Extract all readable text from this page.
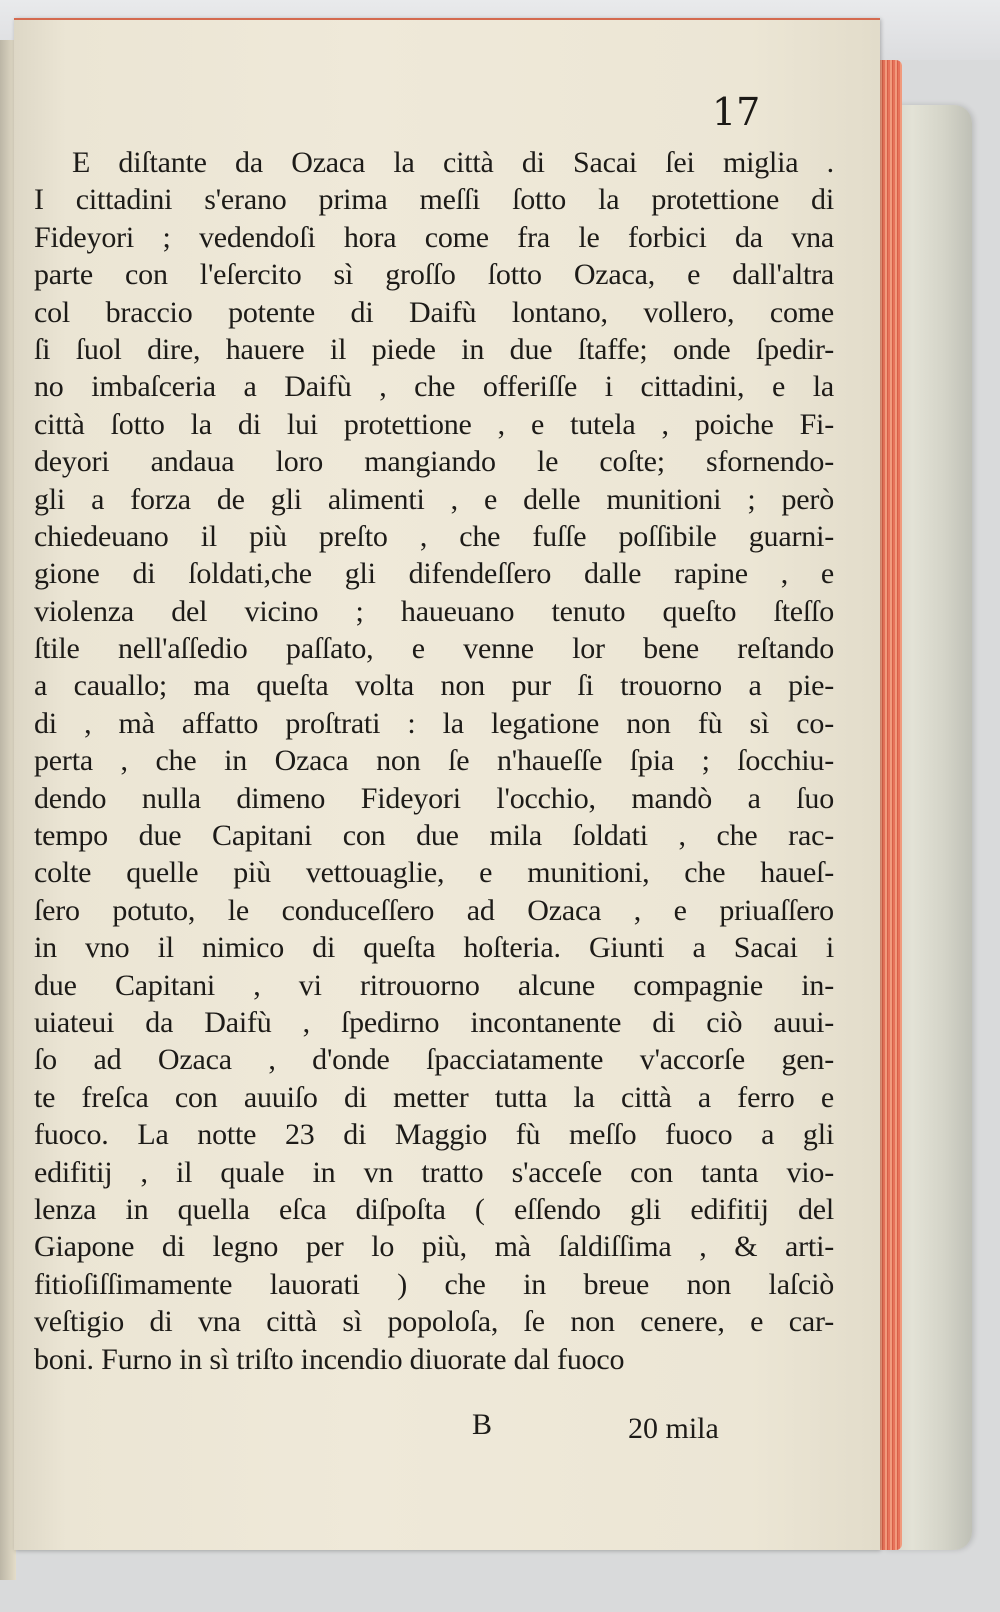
17
E diſtante da Ozaca la città di Sacai ſei miglia .
I cittadini s'erano prima meſſi ſotto la protettione di
Fideyori ; vedendoſi hora come fra le forbici da vna
parte con l'eſercito sì groſſo ſotto Ozaca, e dall'altra
col braccio potente di Daifù lontano, vollero, come
ſi ſuol dire, hauere il piede in due ſtaffe; onde ſpedir-
no imbaſceria a Daifù , che offeriſſe i cittadini, e la
città ſotto la di lui protettione , e tutela , poiche Fi-
deyori andaua loro mangiando le coſte; sfornendo-
gli a forza de gli alimenti , e delle munitioni ; però
chiedeuano il più preſto , che fuſſe poſſibile guarni-
gione di ſoldati,che gli difendeſſero dalle rapine , e
violenza del vicino ; haueuano tenuto queſto ſteſſo
ſtile nell'aſſedio paſſato, e venne lor bene reſtando
a cauallo; ma queſta volta non pur ſi trouorno a pie-
di , mà affatto proſtrati : la legatione non fù sì co-
perta , che in Ozaca non ſe n'haueſſe ſpia ; ſocchiu-
dendo nulla dimeno Fideyori l'occhio, mandò a ſuo
tempo due Capitani con due mila ſoldati , che rac-
colte quelle più vettouaglie, e munitioni, che haueſ-
ſero potuto, le conduceſſero ad Ozaca , e priuaſſero
in vno il nimico di queſta hoſteria. Giunti a Sacai i
due Capitani , vi ritrouorno alcune compagnie in-
uiateui da Daifù , ſpedirno incontanente di ciò auui-
ſo ad Ozaca , d'onde ſpacciatamente v'accorſe gen-
te freſca con auuiſo di metter tutta la città a ferro e
fuoco. La notte 23 di Maggio fù meſſo fuoco a gli
edifitij , il quale in vn tratto s'acceſe con tanta vio-
lenza in quella eſca diſpoſta ( eſſendo gli edifitij del
Giapone di legno per lo più, mà ſaldiſſima , & arti-
fitioſiſſimamente lauorati ) che in breue non laſciò
veſtigio di vna città sì popoloſa, ſe non cenere, e car-
boni. Furno in sì triſto incendio diuorate dal fuoco
B	20 mila
